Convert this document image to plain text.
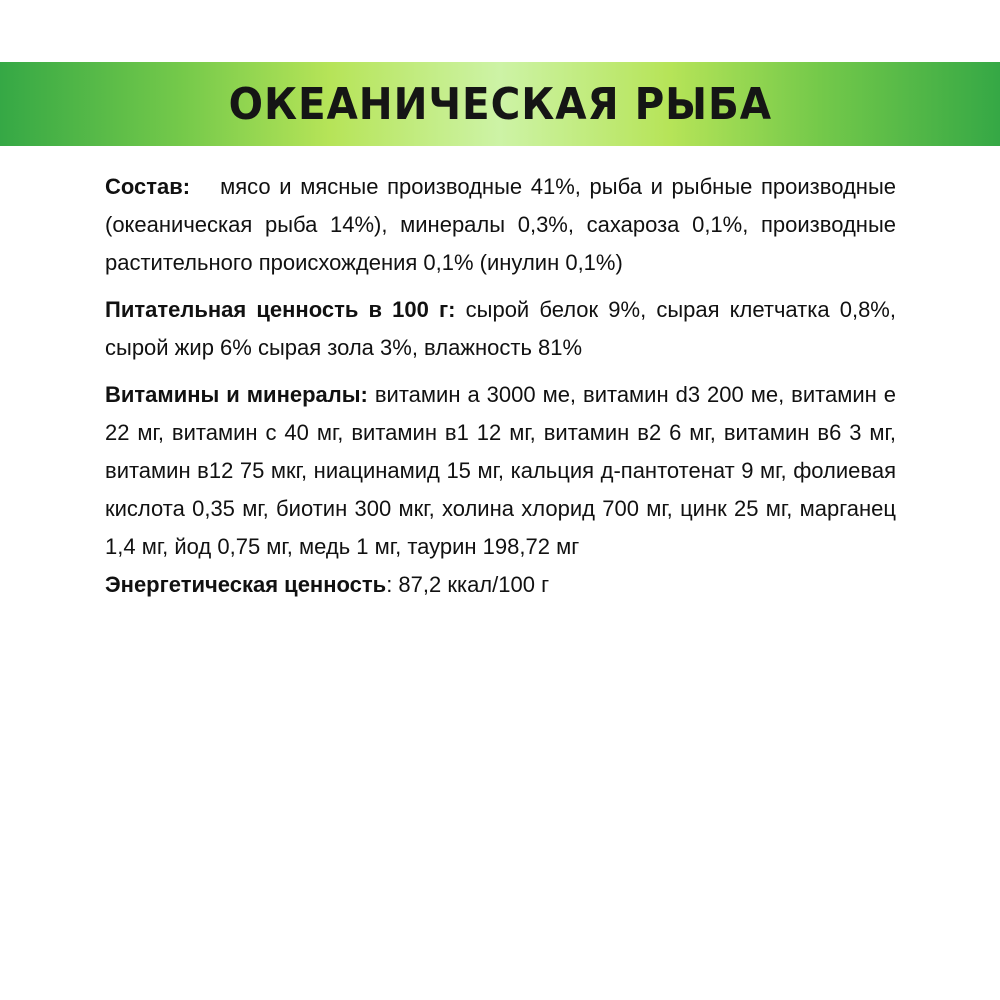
ОКЕАНИЧЕСКАЯ РЫБА

Состав: мясо и мясные производные 41%, рыба и рыбные производные (океаническая рыба 14%), минералы 0,3%, сахароза 0,1%, производные растительного происхождения 0,1% (инулин 0,1%)

Питательная ценность в 100 г: сырой белок 9%, сырая клетчатка 0,8%, сырой жир 6% сырая зола 3%, влажность 81%

Витамины и минералы: витамин а 3000 ме, витамин d3 200 ме, витамин е 22 мг, витамин с 40 мг, витамин в1 12 мг, витамин в2 6 мг, витамин в6 3 мг, витамин в12 75 мкг, ниацинамид 15 мг, кальция д-пантотенат 9 мг, фолиевая кислота 0,35 мг, биотин 300 мкг, холина хлорид 700 мг, цинк 25 мг, марганец 1,4 мг, йод 0,75 мг, медь 1 мг, таурин 198,72 мг

Энергетическая ценность: 87,2 ккал/100 г
